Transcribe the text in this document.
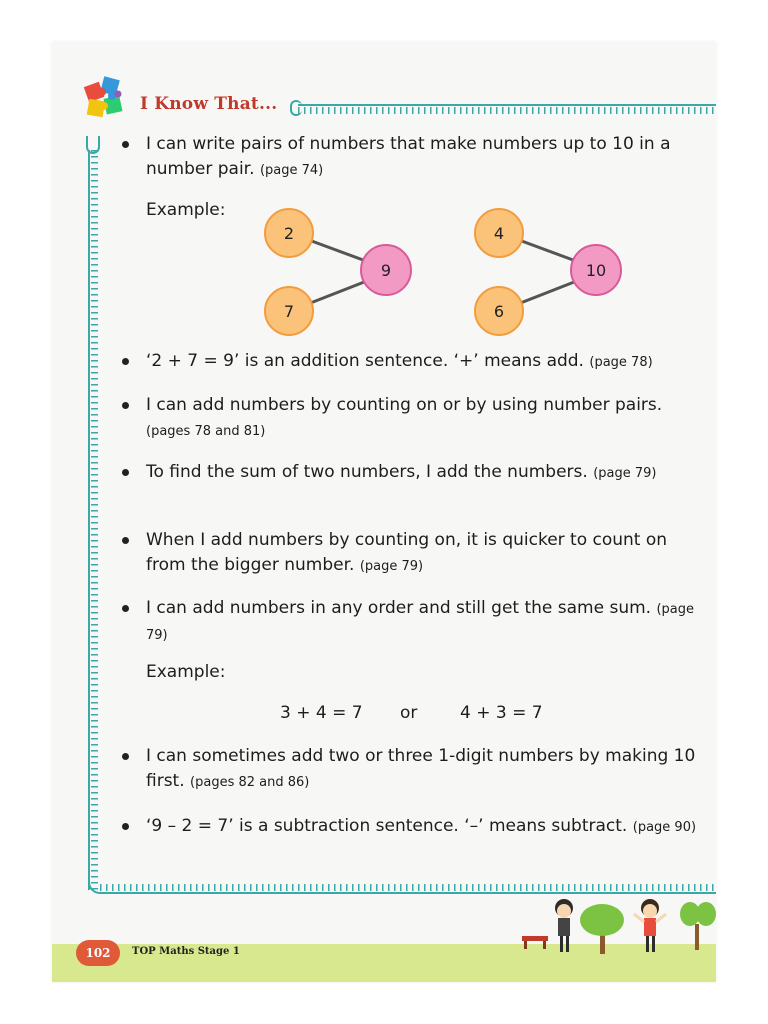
I Know That...
I can write pairs of numbers that make numbers up to 10 in a number pair. (page 74)
Example:
2
7
9
4
6
10
‘2 + 7 = 9’ is an addition sentence. ‘+’ means add. (page 78)
I can add numbers by counting on or by using number pairs. (pages 78 and 81)
To find the sum of two numbers, I add the numbers. (page 79)
When I add numbers by counting on, it is quicker to count on from the bigger number. (page 79)
I can add numbers in any order and still get the same sum. (page 79)
Example:
3 + 4 = 7 or	4 + 3 = 7
I can sometimes add two or three 1-digit numbers by making 10 first. (pages 82 and 86)
‘9 – 2 = 7’ is a subtraction sentence. ‘–’ means subtract. (page 90)
102	TOP Maths Stage 1
